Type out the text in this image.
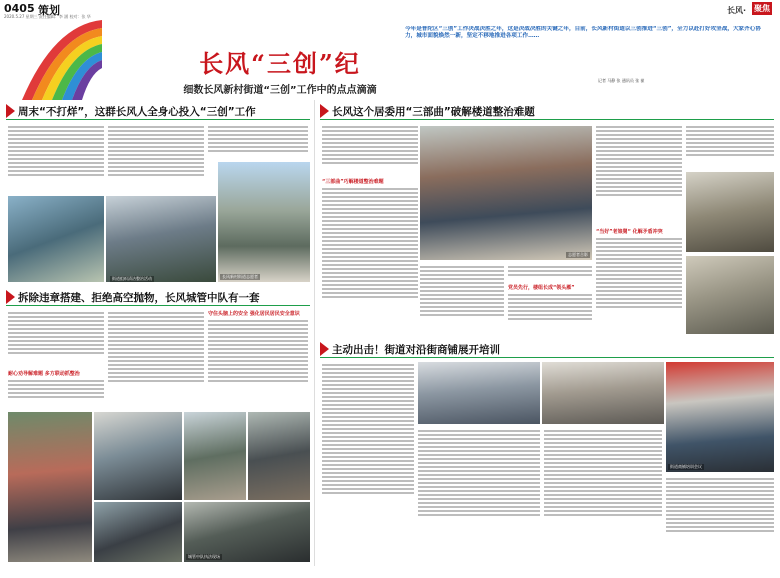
0405 策划
2020.5.27 星期三 责任编辑：李 涵 校对：张 华
长风· 聚焦
长风“三创”纪
细数长风新村街道“三创”工作中的点点滴滴
记者 马静 张 通讯员 张 祯
今年是普陀区“三创”工作决战决胜之年，这是决战决胜的关键之年，目前，长风新村街道以三创推进“三创”，全力以赴打好攻坚战，大家齐心协力，城市面貌焕然一新，坚定不移地推进各项工作……
周末“不打烊”，这群长风人全身心投入“三创”工作
长风新村街道志愿者
拆除违章搭建、拒绝高空抛物，长风城管中队有一套
耐心劝导解难题 多方联动抓整治
守住头脑上的安全 强化居民居民安全意识
城管中队执法现场
长风这个居委用“三部曲”破解楼道整治难题
“三部曲”巧解楼道整治难题
志愿者合影
党员先行，楼组长成“领头雁”
“当好”老娘舅“ 化解矛盾冲突
主动出击！街道对沿街商铺展开培训
街道商铺培训会议
街道组织清洁整治活动
